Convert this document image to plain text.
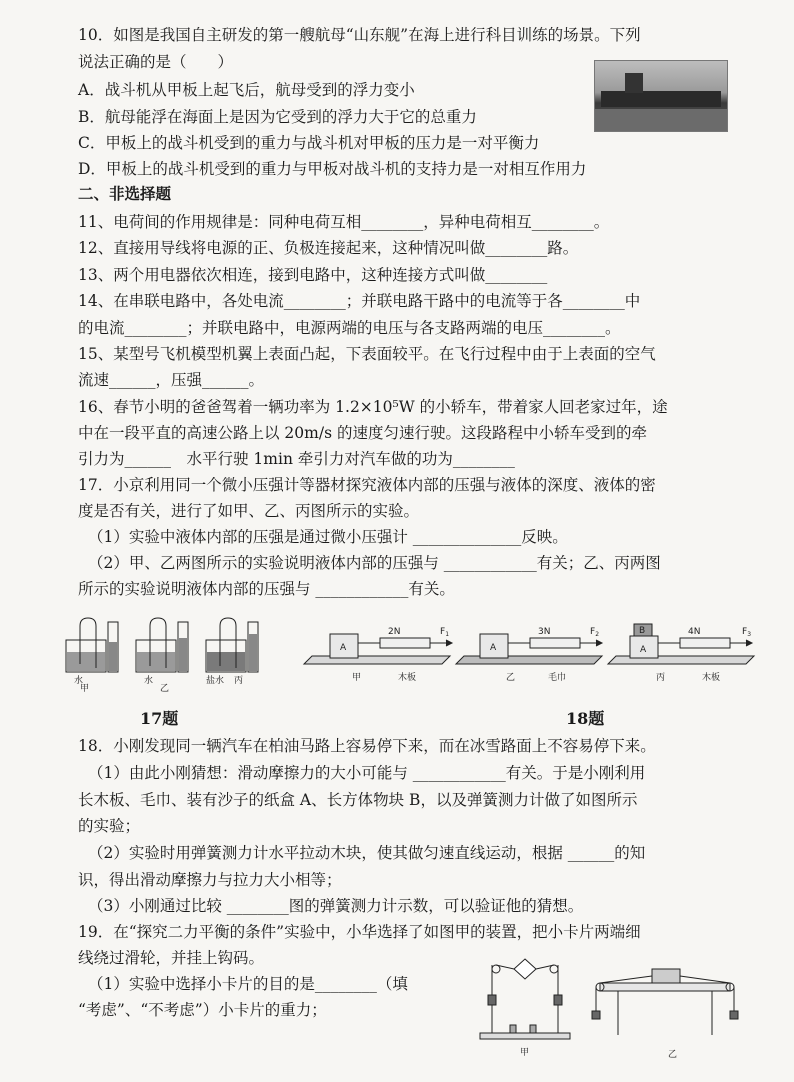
10．如图是我国自主研发的第一艘航母“山东舰”在海上进行科目训练的场景。下列
说法正确的是（　　）
A．战斗机从甲板上起飞后，航母受到的浮力变小
B．航母能浮在海面上是因为它受到的浮力大于它的总重力
C．甲板上的战斗机受到的重力与战斗机对甲板的压力是一对平衡力
D．甲板上的战斗机受到的重力与甲板对战斗机的支持力是一对相互作用力
二、非选择题
11、电荷间的作用规律是：同种电荷互相________，异种电荷相互________。
12、直接用导线将电源的正、负极连接起来，这种情况叫做________路。
13、两个用电器依次相连，接到电路中，这种连接方式叫做________
14、在串联电路中，各处电流________；并联电路干路中的电流等于各________中
的电流________；并联电路中，电源两端的电压与各支路两端的电压________。
15、某型号飞机模型机翼上表面凸起，下表面较平。在飞行过程中由于上表面的空气
流速______，压强______。
16、春节小明的爸爸驾着一辆功率为 1.2×10⁵W 的小轿车，带着家人回老家过年，途
中在一段平直的高速公路上以 20m/s 的速度匀速行驶。这段路程中小轿车受到的牵
引力为______　水平行驶 1min 牵引力对汽车做的功为________
17．小京利用同一个微小压强计等器材探究液体内部的压强与液体的深度、液体的密
度是否有关，进行了如甲、乙、丙图所示的实验。
（1）实验中液体内部的压强是通过微小压强计 ______________反映。
（2）甲、乙两图所示的实验说明液体内部的压强与 ____________有关；乙、丙两图
所示的实验说明液体内部的压强与 ____________有关。
水
甲
水
乙
盐水 丙
A	A	A
B
2N	3N	4N
$F_1$	$F_2$	$F_3$
甲	木板	乙	毛巾	丙	木板
17题	18题
18．小刚发现同一辆汽车在柏油马路上容易停下来，而在冰雪路面上不容易停下来。
（1）由此小刚猜想：滑动摩擦力的大小可能与 ____________有关。于是小刚利用
长木板、毛巾、装有沙子的纸盒 A、长方体物块 B，以及弹簧测力计做了如图所示
的实验；
（2）实验时用弹簧测力计水平拉动木块，使其做匀速直线运动，根据 ______的知
识，得出滑动摩擦力与拉力大小相等；
（3）小刚通过比较 ________图的弹簧测力计示数，可以验证他的猜想。
19．在“探究二力平衡的条件”实验中，小华选择了如图甲的装置，把小卡片两端细
线绕过滑轮，并挂上钩码。
（1）实验中选择小卡片的目的是________（填
“考虑”、“不考虑”）小卡片的重力；
甲	乙
